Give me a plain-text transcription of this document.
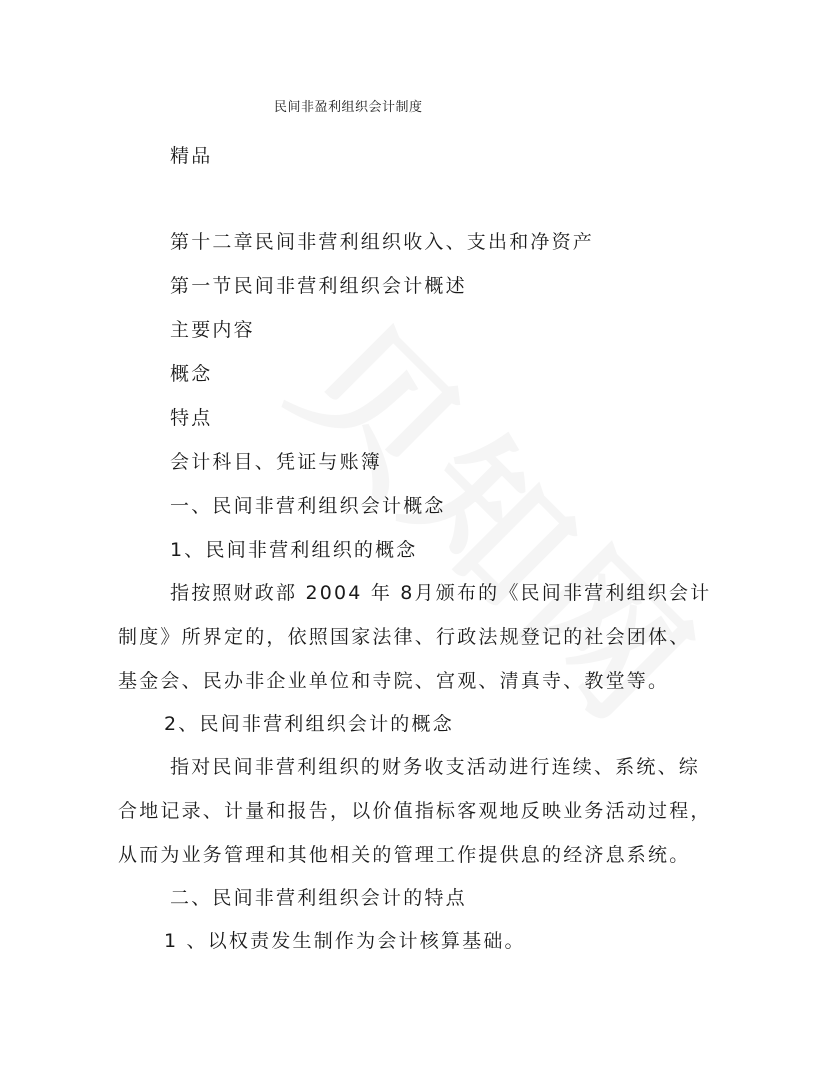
民间非盈利组织会计制度
精品
第十二章民间非营利组织收入、支出和净资产
第一节民间非营利组织会计概述
主要内容
概念
特点
会计科目、凭证与账簿
一、民间非营利组织会计概念
1、民间非营利组织的概念
指按照财政部 2004 年 8月颁布的《民间非营利组织会计
制度》所界定的，依照国家法律、行政法规登记的社会团体、
基金会、民办非企业单位和寺院、宫观、清真寺、教堂等。
2、民间非营利组织会计的概念
指对民间非营利组织的财务收支活动进行连续、系统、综
合地记录、计量和报告，以价值指标客观地反映业务活动过程，
从而为业务管理和其他相关的管理工作提供息的经济息系统。
二、民间非营利组织会计的特点
1 、以权责发生制作为会计核算基础。
